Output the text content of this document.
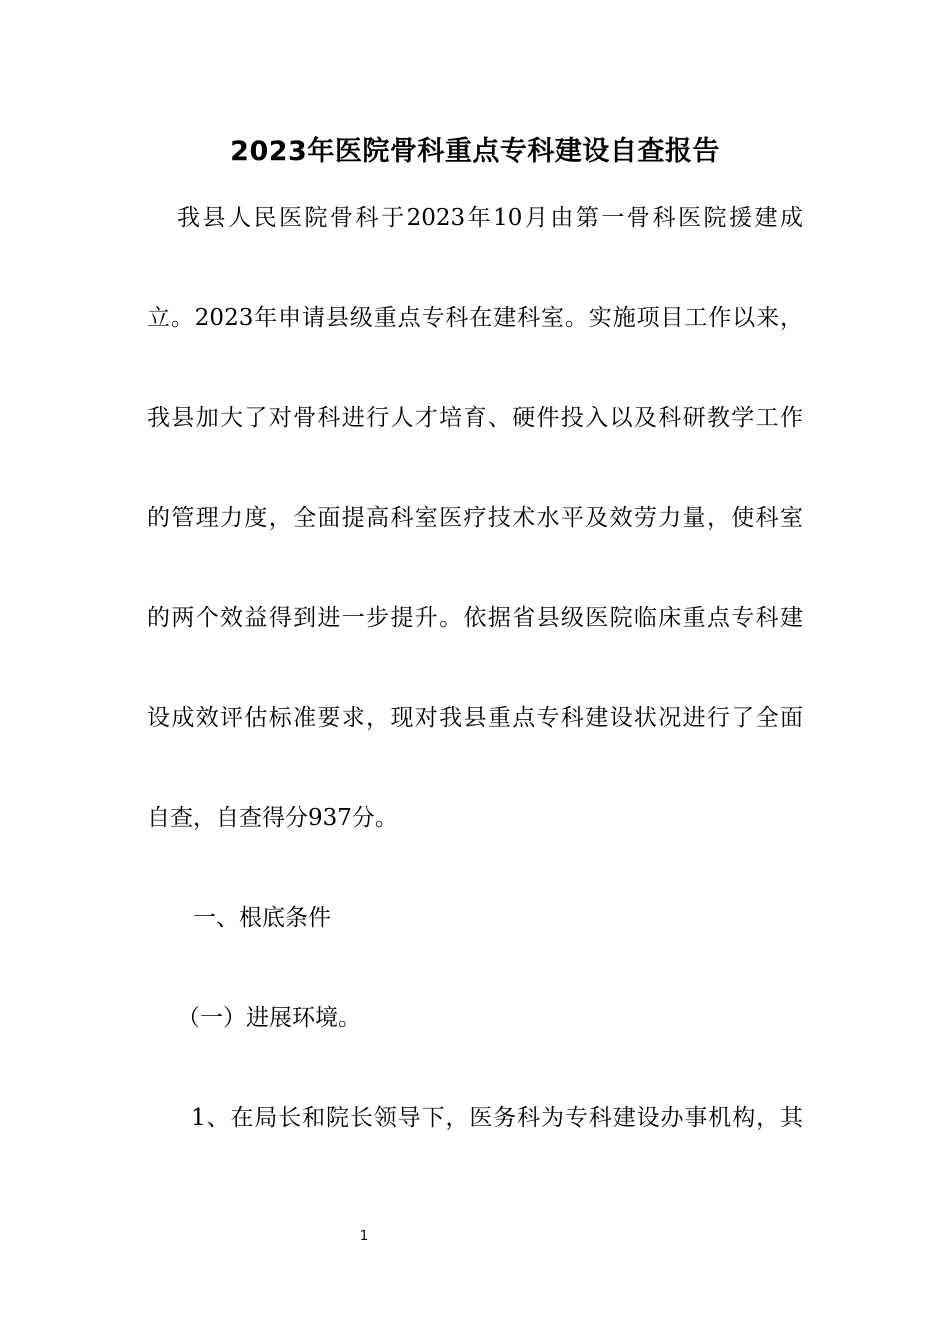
2023年医院骨科重点专科建设自查报告
我县人民医院骨科于2023年10月由第一骨科医院援建成
立。2023年申请县级重点专科在建科室。实施项目工作以来，
我县加大了对骨科进行人才培育、硬件投入以及科研教学工作
的管理力度，全面提高科室医疗技术水平及效劳力量，使科室
的两个效益得到进一步提升。依据省县级医院临床重点专科建
设成效评估标准要求，现对我县重点专科建设状况进行了全面
自查，自查得分937分。
一、根底条件
（一）进展环境。
1、在局长和院长领导下，医务科为专科建设办事机构，其
1
